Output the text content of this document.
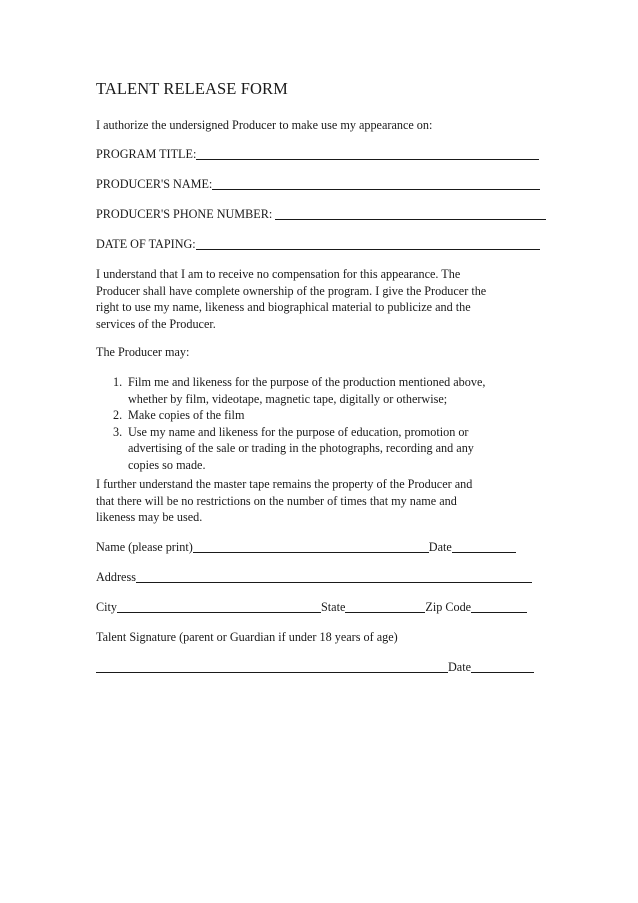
TALENT RELEASE FORM
I authorize the undersigned Producer to make use my appearance on:
PROGRAM TITLE:
PRODUCER'S NAME:
PRODUCER'S PHONE NUMBER:
DATE OF TAPING:

I understand that I am to receive no compensation for this appearance. The

Producer shall have complete ownership of the program. I give the Producer the

right to use my name, likeness and biographical material to publicize and the

services of the Producer.

The Producer may:
1. Film me and likeness for the purpose of the production mentioned above,
whether by film, videotape, magnetic tape, digitally or otherwise;
2. Make copies of the film
3. Use my name and likeness for the purpose of education, promotion or
advertising of the sale or trading in the photographs, recording and any
copies so made.

I further understand the master tape remains the property of the Producer and

that there will be no restrictions on the number of times that my name and

likeness may be used.

Name (please print)	Date
Address
City	State	Zip Code
Talent Signature (parent or Guardian if under 18 years of age)
Date
